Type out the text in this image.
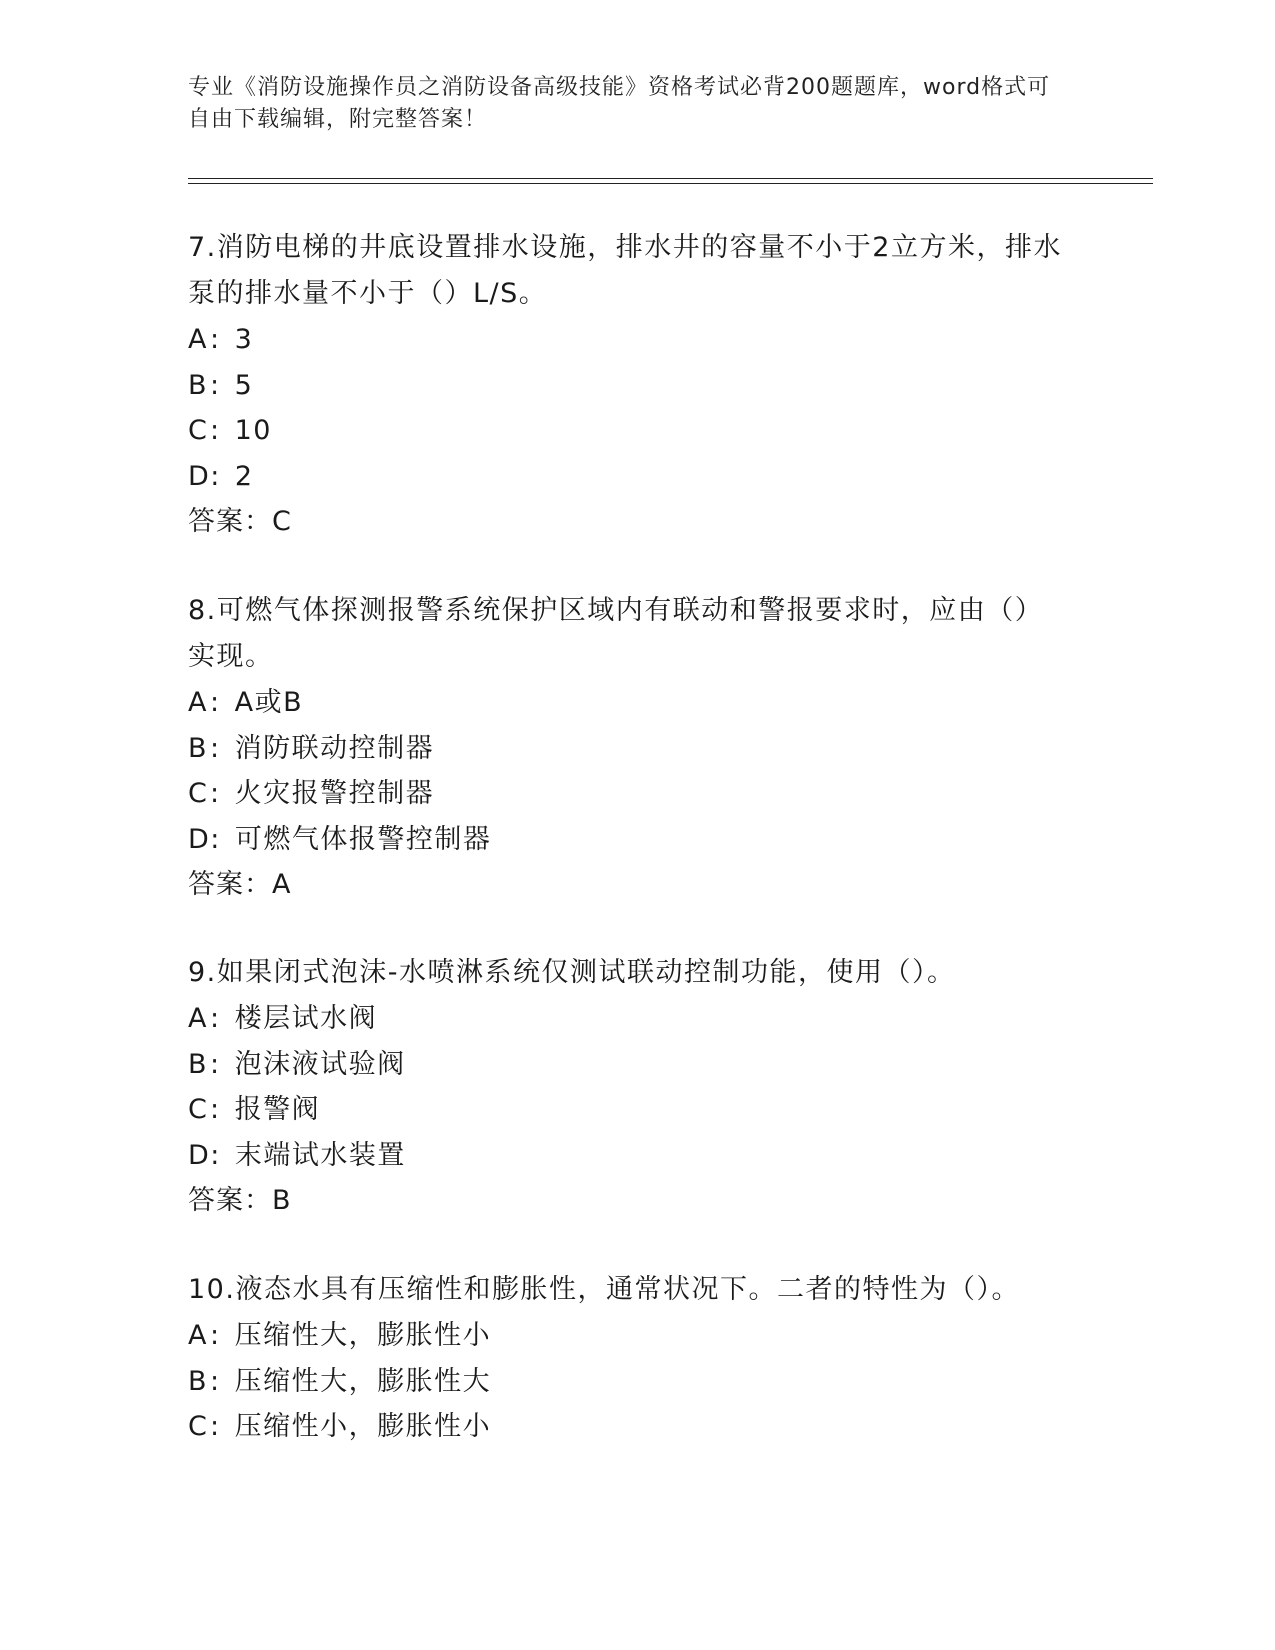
专业《消防设施操作员之消防设备高级技能》资格考试必背200题题库，word格式可自由下载编辑，附完整答案！

7.消防电梯的井底设置排水设施，排水井的容量不小于2立方米，排水泵的排水量不小于（）L/S。

A: 3

B: 5

C: 10

D: 2

答案：C

8.可燃气体探测报警系统保护区域内有联动和警报要求时，应由（）实现。

A: A或B

B: 消防联动控制器

C: 火灾报警控制器

D: 可燃气体报警控制器

答案：A

9.如果闭式泡沫-水喷淋系统仅测试联动控制功能，使用（）。

A: 楼层试水阀

B: 泡沫液试验阀

C: 报警阀

D: 末端试水装置

答案：B

10.液态水具有压缩性和膨胀性，通常状况下。二者的特性为（）。

A: 压缩性大，膨胀性小

B: 压缩性大，膨胀性大

C: 压缩性小，膨胀性小
